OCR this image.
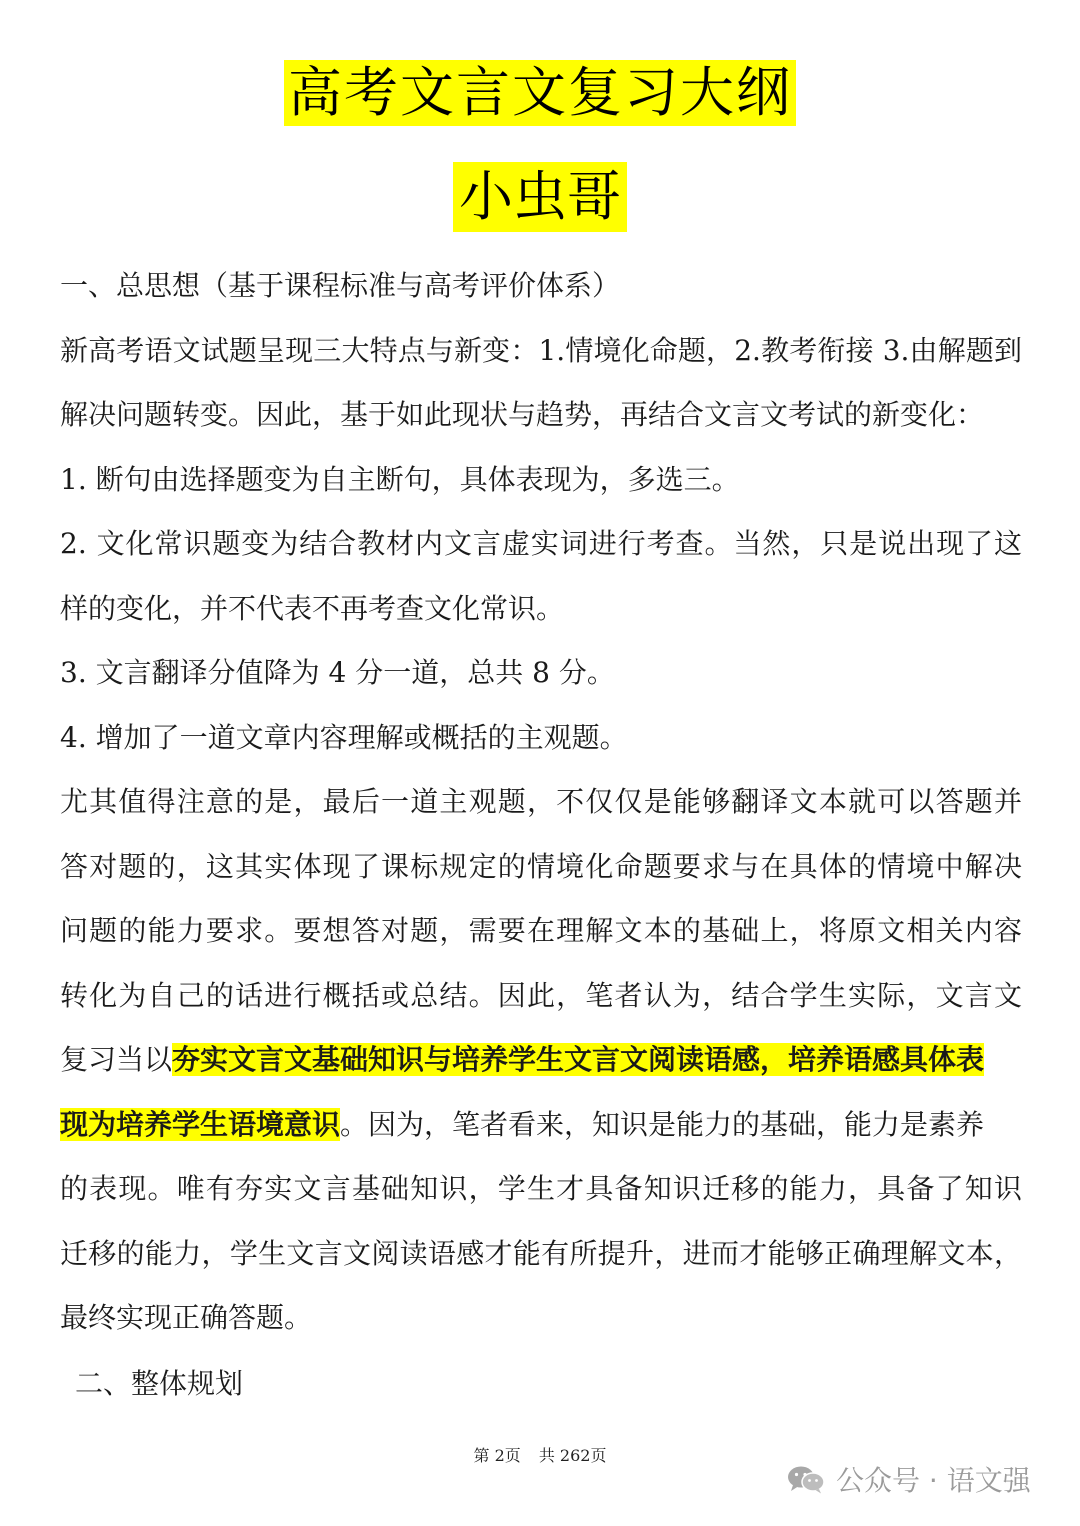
高考文言文复习大纲
小虫哥
一、总思想（基于课程标准与高考评价体系）
新高考语文试题呈现三大特点与新变：1.情境化命题，2.教考衔接 3.由解题到
解决问题转变。因此，基于如此现状与趋势，再结合文言文考试的新变化：
1. 断句由选择题变为自主断句，具体表现为，多选三。
2. 文化常识题变为结合教材内文言虚实词进行考查。当然，只是说出现了这
样的变化，并不代表不再考查文化常识。
3. 文言翻译分值降为 4 分一道，总共 8 分。
4. 增加了一道文章内容理解或概括的主观题。
尤其值得注意的是，最后一道主观题，不仅仅是能够翻译文本就可以答题并
答对题的，这其实体现了课标规定的情境化命题要求与在具体的情境中解决
问题的能力要求。要想答对题，需要在理解文本的基础上，将原文相关内容
转化为自己的话进行概括或总结。因此，笔者认为，结合学生实际，文言文
复习当以夯实文言文基础知识与培养学生文言文阅读语感，培养语感具体表
现为培养学生语境意识。因为，笔者看来，知识是能力的基础，能力是素养
的表现。唯有夯实文言基础知识，学生才具备知识迁移的能力，具备了知识
迁移的能力，学生文言文阅读语感才能有所提升，进而才能够正确理解文本，
最终实现正确答题。
二、整体规划
第 2页 共 262页
公众号 · 语文强
